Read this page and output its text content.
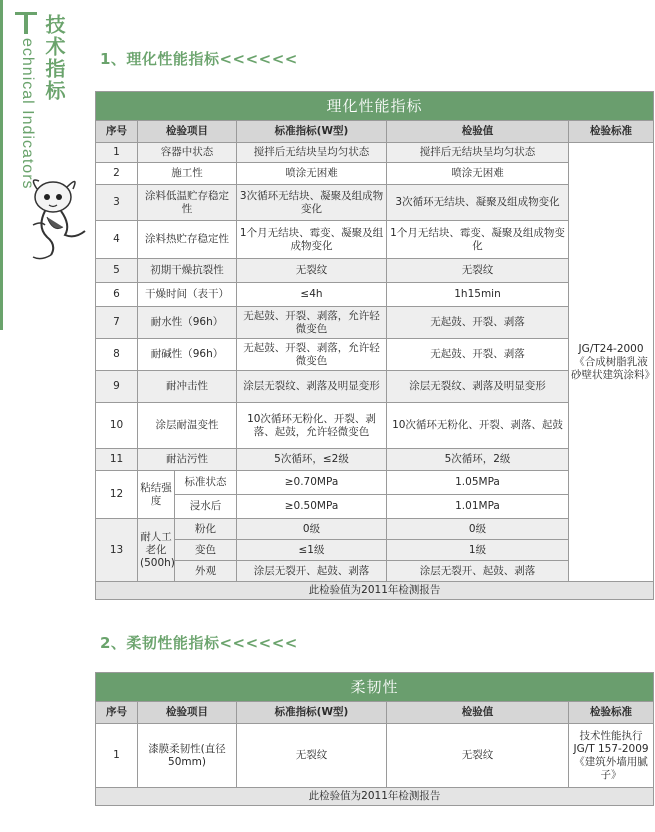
技术指标
echnical Indicators	1、理化性能指标<<<<<<
理化性能指标					
序号	检验项目		标准指标(W型)	检验值	检验标准
1	容器中状态		搅拌后无结块呈均匀状态	搅拌后无结块呈均匀状态	JG/T24-2000《合成树脂乳液砂壁状建筑涂料》
2	施工性		喷涂无困难	喷涂无困难	
3	涂料低温贮存稳定性		3次循环无结块、凝聚及组成物变化	3次循环无结块、凝聚及组成物变化	
4	涂料热贮存稳定性		1个月无结块、霉变、凝聚及组成物变化	1个月无结块、霉变、凝聚及组成物变化	
5	初期干燥抗裂性		无裂纹	无裂纹	
6	干燥时间（表干）		≤4h	1h15min	
7	耐水性（96h）		无起鼓、开裂、剥落，允许轻微变色	无起鼓、开裂、剥落	
8	耐碱性（96h）		无起鼓、开裂、剥落，允许轻微变色	无起鼓、开裂、剥落	
9	耐冲击性		涂层无裂纹、剥落及明显变形	涂层无裂纹、剥落及明显变形	
10	涂层耐温变性		10次循环无粉化、开裂、剥落、起鼓，允许轻微变色	10次循环无粉化、开裂、剥落、起鼓	
11	耐沾污性		5次循环，≤2级	5次循环，2级	
12	粘结强度	标准状态	≥0.70MPa	1.05MPa	
		浸水后	≥0.50MPa	1.01MPa	
13	耐人工老化(500h)	粉化	0级	0级	
		变色	≤1级	1级	
		外观	涂层无裂开、起鼓、剥落	涂层无裂开、起鼓、剥落	
此检验值为2011年检测报告					
2、柔韧性能指标<<<<<<
柔韧性				
序号	检验项目	标准指标(W型)	检验值	检验标准
1	漆膜柔韧性(直径50mm)	无裂纹	无裂纹	技术性能执行JG/T 157-2009《建筑外墙用腻子》
此检验值为2011年检测报告				
